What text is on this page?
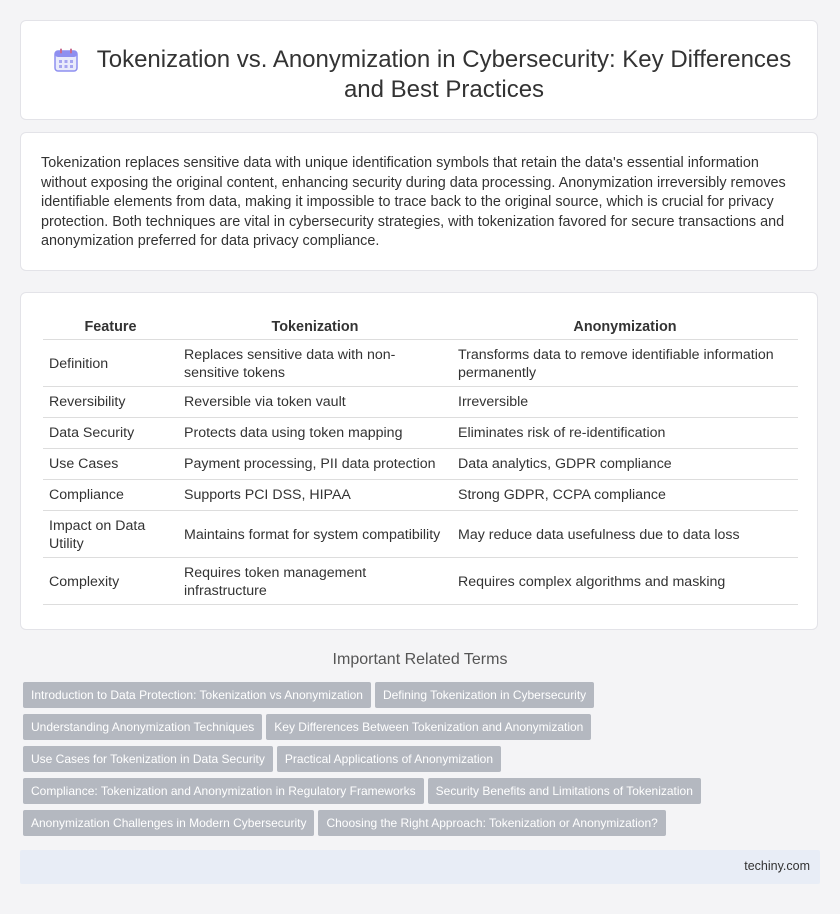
Tokenization vs. Anonymization in Cybersecurity: Key Differences and Best Practices

Tokenization replaces sensitive data with unique identification symbols that retain the data's essential information without exposing the original content, enhancing security during data processing. Anonymization irreversibly removes identifiable elements from data, making it impossible to trace back to the original source, which is crucial for privacy protection. Both techniques are vital in cybersecurity strategies, with tokenization favored for secure transactions and anonymization preferred for data privacy compliance.

Feature	Tokenization	Anonymization
Definition	Replaces sensitive data with non-sensitive tokens	Transforms data to remove identifiable information permanently
Reversibility	Reversible via token vault	Irreversible
Data Security	Protects data using token mapping	Eliminates risk of re-identification
Use Cases	Payment processing, PII data protection	Data analytics, GDPR compliance
Compliance	Supports PCI DSS, HIPAA	Strong GDPR, CCPA compliance
Impact on Data Utility	Maintains format for system compatibility	May reduce data usefulness due to data loss
Complexity	Requires token management infrastructure	Requires complex algorithms and masking
Important Related Terms
Introduction to Data Protection: Tokenization vs Anonymization Defining Tokenization in Cybersecurity
Understanding Anonymization Techniques Key Differences Between Tokenization and Anonymization
Use Cases for Tokenization in Data Security Practical Applications of Anonymization
Compliance: Tokenization and Anonymization in Regulatory Frameworks Security Benefits and Limitations of Tokenization
Anonymization Challenges in Modern Cybersecurity Choosing the Right Approach: Tokenization or Anonymization?
techiny.com
